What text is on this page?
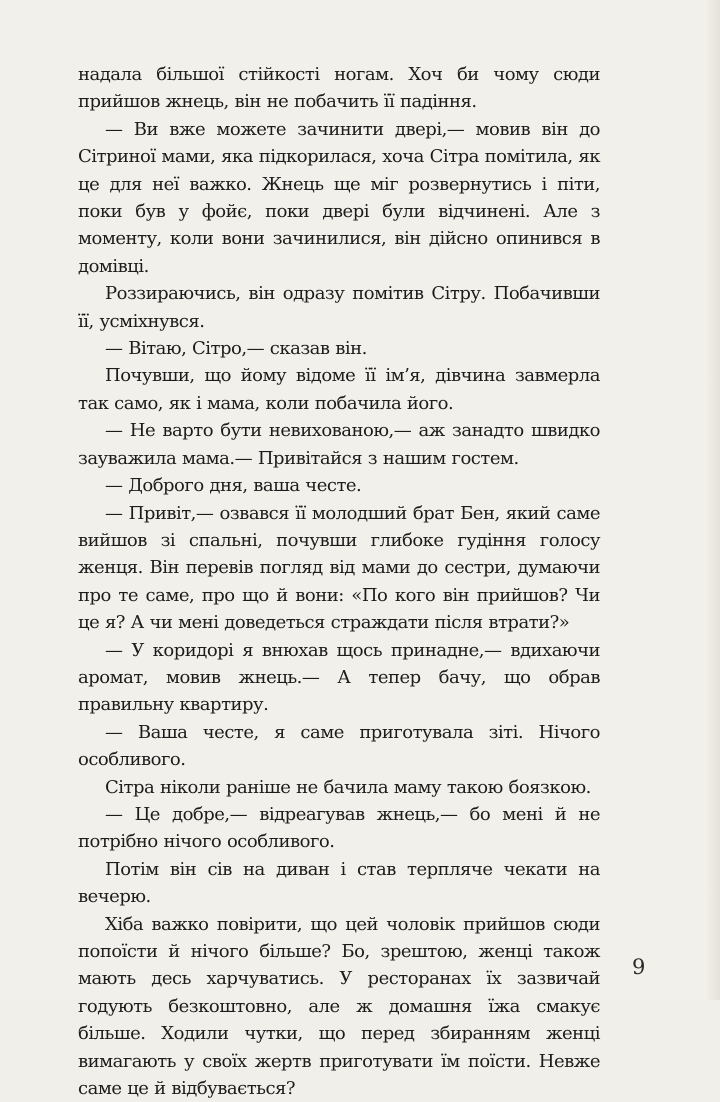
надала більшої стійкості ногам. Хоч би чому сюди прийшов жнець, він не побачить її падіння.

— Ви вже можете зачинити двері,— мовив він до Сітриної мами, яка підкорилася, хоча Сітра помітила, як це для неї важко. Жнець ще міг розвернутись і піти, поки був у фойє, поки двері були відчинені. Але з моменту, коли вони зачинилися, він дійсно опинився в домівці.

Роззираючись, він одразу помітив Сітру. Побачивши її, усміхнувся.

— Вітаю, Сітро,— сказав він.

Почувши, що йому відоме її ім’я, дівчина завмерла так само, як і мама, коли побачила його.

— Не варто бути невихованою,— аж занадто швидко зауважила мама.— Привітайся з нашим гостем.

— Доброго дня, ваша честе.

— Привіт,— озвався її молодший брат Бен, який саме вийшов зі спальні, почувши глибоке гудіння голосу женця. Він перевів погляд від мами до сестри, думаючи про те саме, про що й вони: «По кого він прийшов? Чи це я? А чи мені доведеться страждати після втрати?»

— У коридорі я внюхав щось принадне,— вдихаючи аромат, мовив жнець.— А тепер бачу, що обрав правильну квартиру.

— Ваша честе, я саме приготувала зіті. Нічого особливого.

Сітра ніколи раніше не бачила маму такою боязкою.

— Це добре,— відреагував жнець,— бо мені й не потрібно нічого особливого.

Потім він сів на диван і став терпляче чекати на вечерю.

Хіба важко повірити, що цей чоловік прийшов сюди попоїсти й нічого більше? Бо, зрештою, женці також мають десь харчуватись. У ресторанах їх зазвичай годують безкоштовно, але ж домашня їжа смакує більше. Ходили чутки, що перед збиранням женці вимагають у своїх жертв приготувати їм поїсти. Невже саме це й відбувається?

9
